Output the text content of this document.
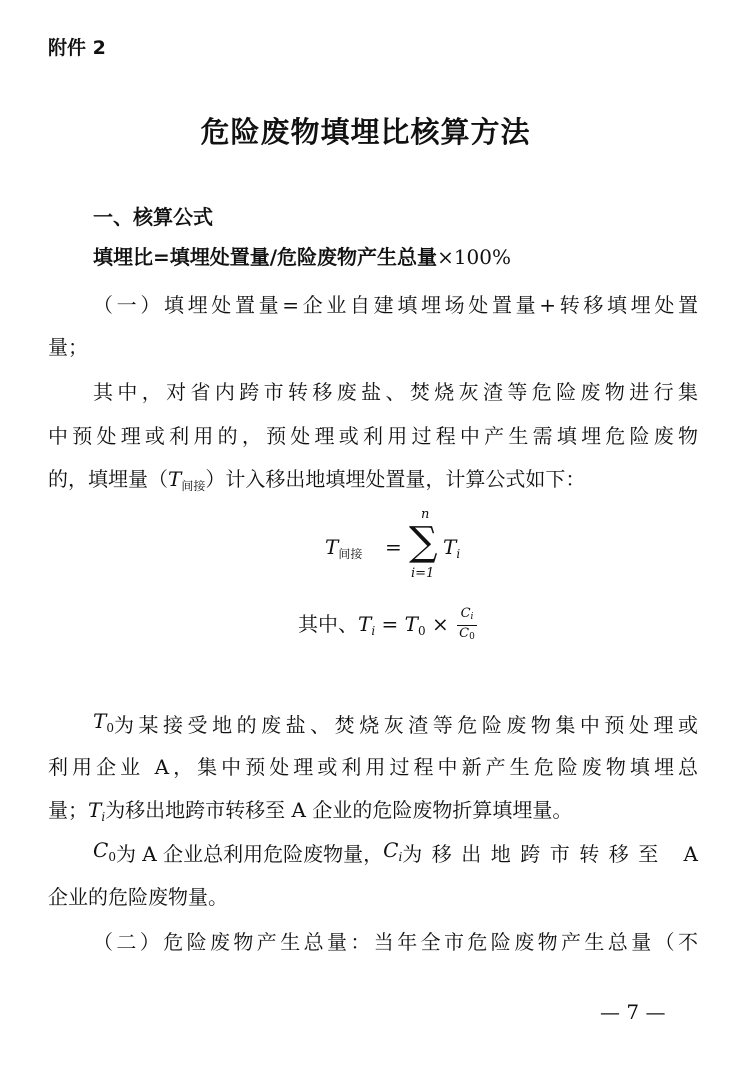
附件 2
危险废物填埋比核算方法
一、核算公式
填埋比=填埋处置量/危险废物产生总量×100%
（一）填埋处置量=企业自建填埋场处置量+转移填埋处置
量；
其中，对省内跨市转移废盐、焚烧灰渣等危险废物进行集
中预处理或利用的，预处理或利用过程中产生需填埋危险废物
的，填埋量$(T_{间接})$计入移出地填埋处置量，计算公式如下：
$T_{间接}$ =
n
∑
i=1
$T_i$
其中、$T_i = T_0 \times \frac{C_i}{C_0}$
$T_0$ 为某接受地的废盐、焚烧灰渣等危险废物集中预处理或
利用企业 A，集中预处理或利用过程中新产生危险废物填埋总
量；$T_i$为移出地跨市转移至 A 企业的危险废物折算填埋量。
$C_0$ 为 A 企业总利用危险废物量， $C_i$ 为移出地跨市转移至 A
企业的危险废物量。
（二）危险废物产生总量：当年全市危险废物产生总量（不
— 7 —
